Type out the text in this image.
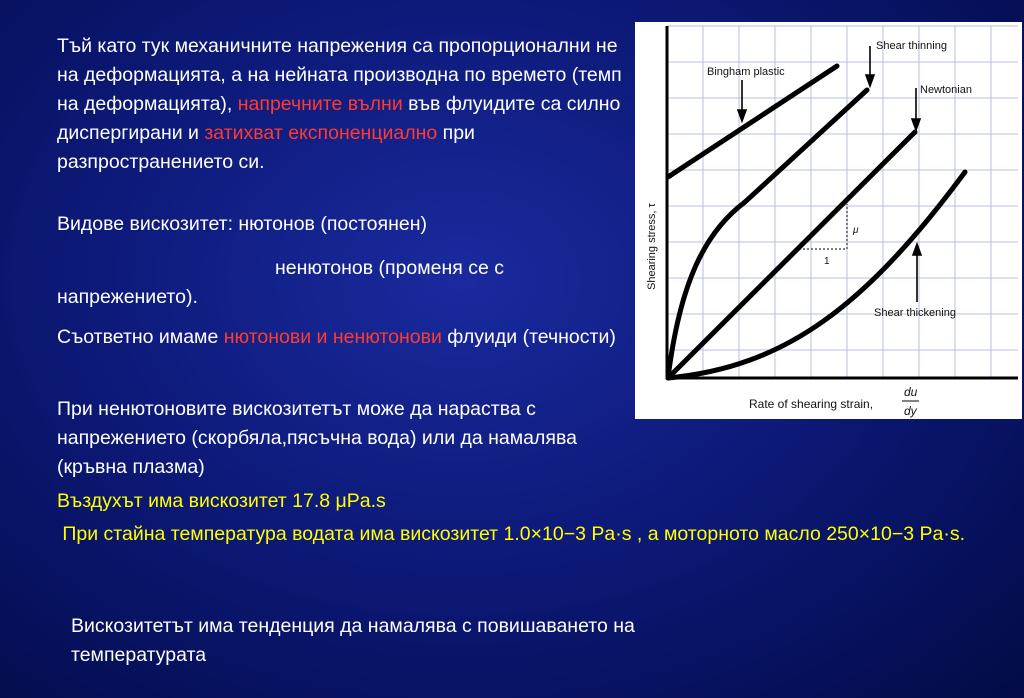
Тъй като тук механичните напрежения са пропорционални не на деформацията, а на нейната производна по времето (темп на деформацията), напречните вълни във флуидите са силно диспергирани и затихват експоненциално при разпространението си.

Видове вискозитет: нютонов (постоянен)
ненютонов (променя се с
напрежението).
Съответно имаме нютонови и ненютонови флуиди (течности)
При ненютоновите вискозитетът може да нараства с напрежението (скорбяла,пясъчна вода) или да намалява (кръвна плазма)
Въздухът има вискозитет 17.8 μPa.s
При стайна температура водата има вискозитет 1.0×10−3 Pa·s , а моторното масло 250×10−3 Pa·s.
Вискозитетът има тенденция да намалява с повишаването на температурата
μ
1
Bingham plastic
Shear thinning
Newtonian
Shear thickening
Shearing stress, τ
Rate of shearing strain,
du
dy
